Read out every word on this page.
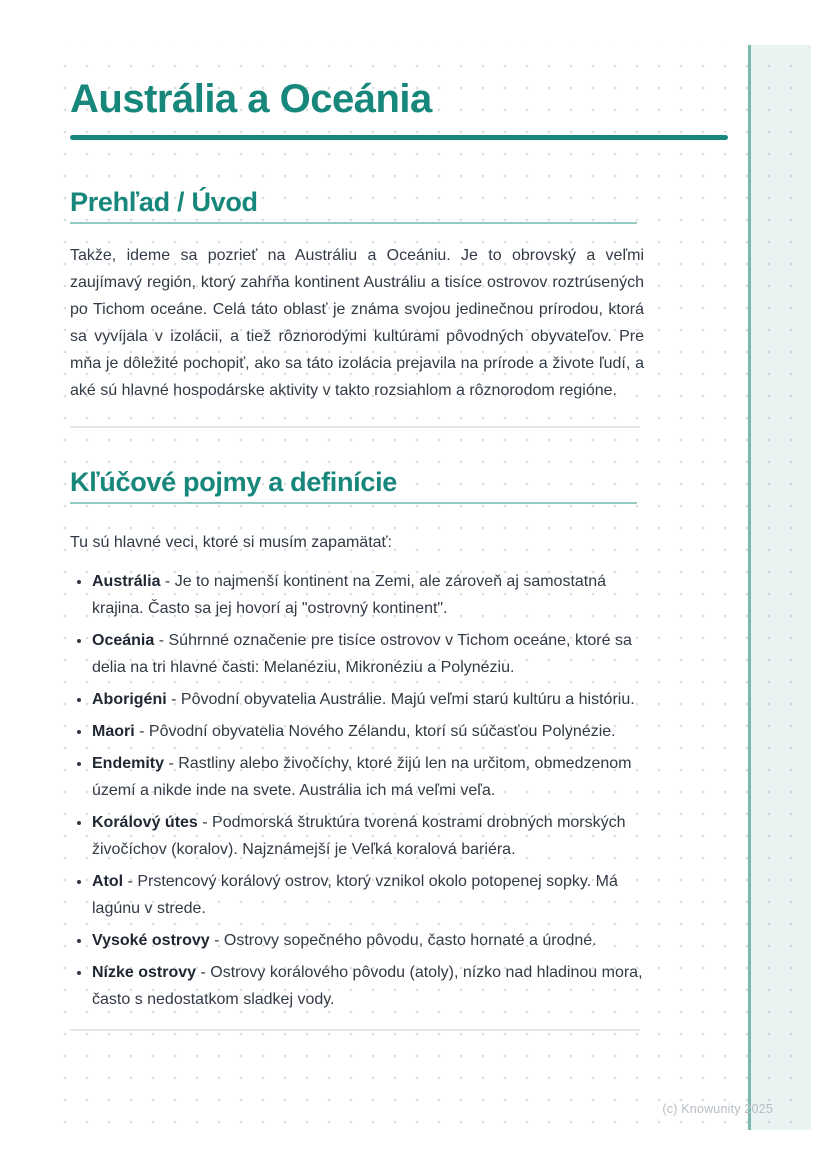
Austrália a Oceánia
Prehľad / Úvod

Takže, ideme sa pozrieť na Austráliu a Oceániu. Je to obrovský a veľmi zaujímavý región, ktorý zahŕňa kontinent Austráliu a tisíce ostrovov roztrúsených po Tichom oceáne. Celá táto oblasť je známa svojou jedinečnou prírodou, ktorá sa vyvíjala v izolácii, a tiež rôznorodými kultúrami pôvodných obyvateľov. Pre mňa je dôležité pochopiť, ako sa táto izolácia prejavila na prírode a živote ľudí, a aké sú hlavné hospodárske aktivity v takto rozsiahlom a rôznorodom regióne.

Kľúčové pojmy a definície

Tu sú hlavné veci, ktoré si musím zapamätať:

• Austrália - Je to najmenší kontinent na Zemi, ale zároveň aj samostatná krajina. Často sa jej hovorí aj "ostrovný kontinent".
• Oceánia - Súhrnné označenie pre tisíce ostrovov v Tichom oceáne, ktoré sa delia na tri hlavné časti: Melanéziu, Mikronéziu a Polynéziu.
• Aborigéni - Pôvodní obyvatelia Austrálie. Majú veľmi starú kultúru a históriu.
• Maori - Pôvodní obyvatelia Nového Zélandu, ktorí sú súčasťou Polynézie.
• Endemity - Rastliny alebo živočíchy, ktoré žijú len na určitom, obmedzenom území a nikde inde na svete. Austrália ich má veľmi veľa.
• Korálový útes - Podmorská štruktúra tvorená kostrami drobných morských živočíchov (koralov). Najznámejší je Veľká koralová bariéra.
• Atol - Prstencový korálový ostrov, ktorý vznikol okolo potopenej sopky. Má lagúnu v strede.
• Vysoké ostrovy - Ostrovy sopečného pôvodu, často hornaté a úrodné.
• Nízke ostrovy - Ostrovy korálového pôvodu (atoly), nízko nad hladinou mora, často s nedostatkom sladkej vody.
(c) Knowunity 2025
